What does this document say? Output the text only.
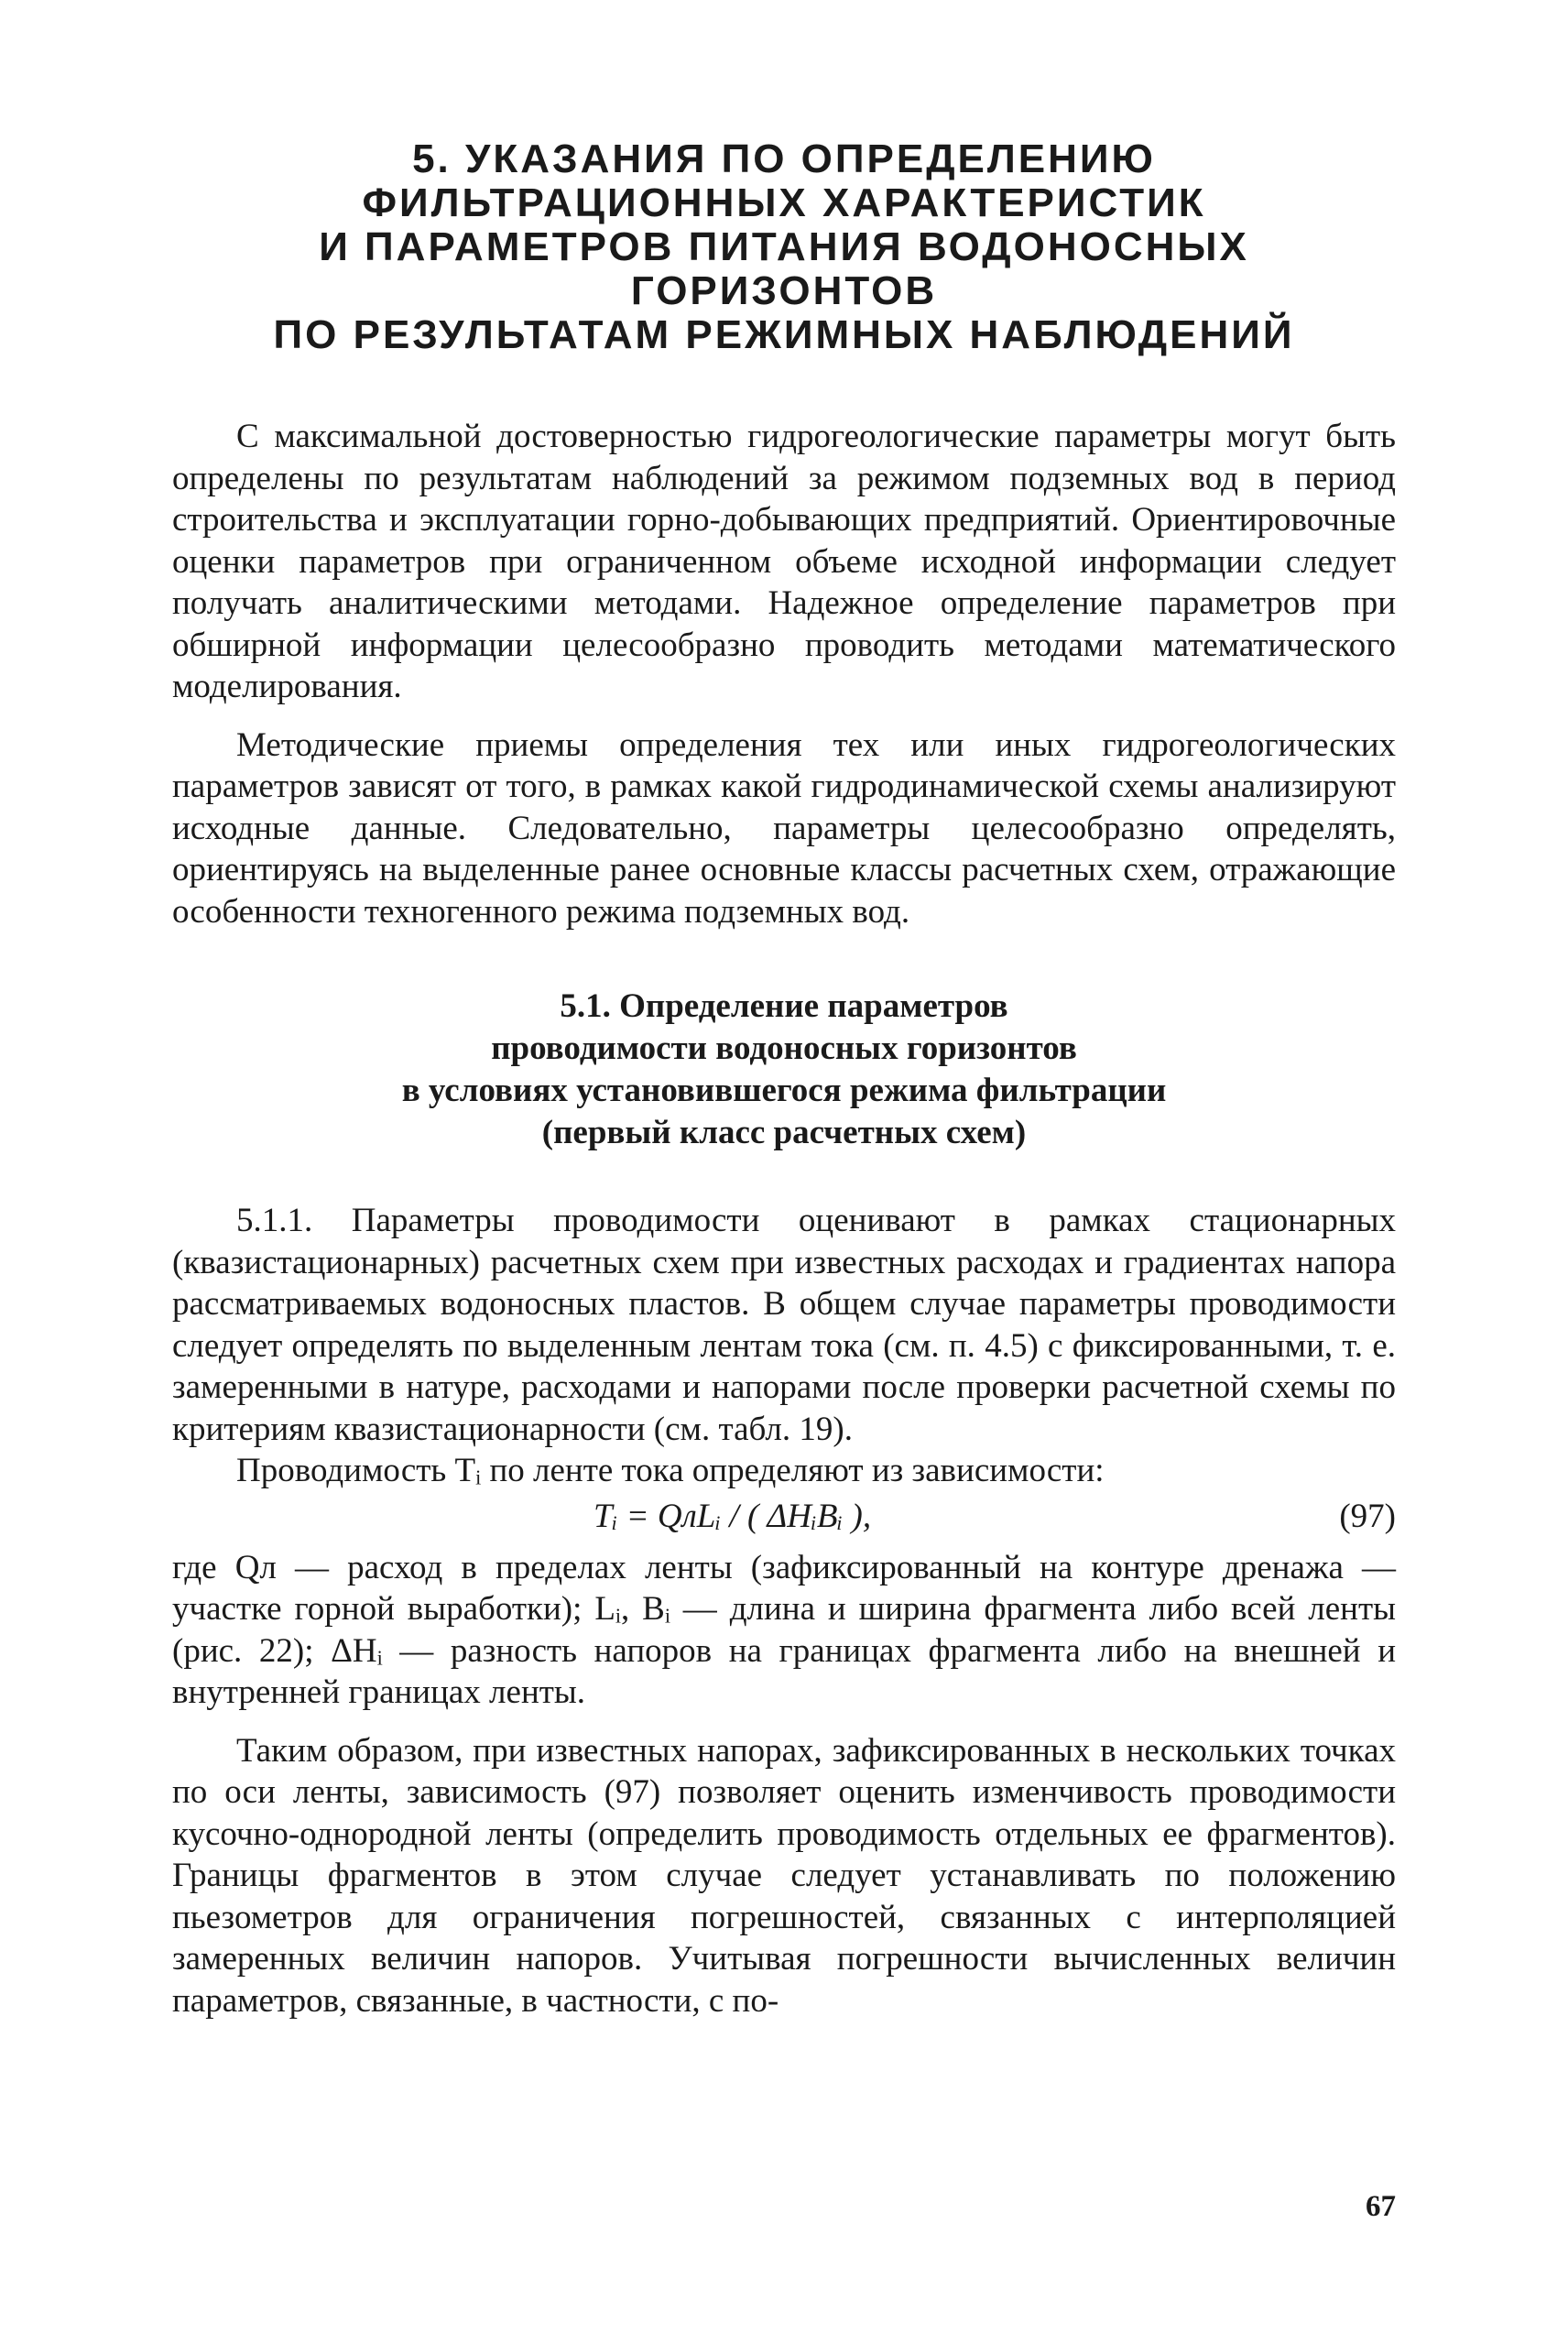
5. УКАЗАНИЯ ПО ОПРЕДЕЛЕНИЮ
ФИЛЬТРАЦИОННЫХ ХАРАКТЕРИСТИК
И ПАРАМЕТРОВ ПИТАНИЯ ВОДОНОСНЫХ ГОРИЗОНТОВ
ПО РЕЗУЛЬТАТАМ РЕЖИМНЫХ НАБЛЮДЕНИЙ

С максимальной достоверностью гидрогеологические параметры могут быть определены по результатам наблюдений за режимом подземных вод в период строительства и эксплуатации горно-добывающих предприятий. Ориентировочные оценки параметров при ограниченном объеме исходной информации следует получать аналитическими методами. Надежное определение параметров при обширной информации целесообразно проводить методами математического моделирования.

Методические приемы определения тех или иных гидрогеологических параметров зависят от того, в рамках какой гидродинамической схемы анализируют исходные данные. Следовательно, параметры целесообразно определять, ориентируясь на выделенные ранее основные классы расчетных схем, отражающие особенности техногенного режима подземных вод.

5.1. Определение параметров
проводимости водоносных горизонтов
в условиях установившегося режима фильтрации
(первый класс расчетных схем)

5.1.1. Параметры проводимости оценивают в рамках стационарных (квазистационарных) расчетных схем при известных расходах и градиентах напора рассматриваемых водоносных пластов. В общем случае параметры проводимости следует определять по выделенным лентам тока (см. п. 4.5) с фиксированными, т. е. замеренными в натуре, расходами и напорами после проверки расчетной схемы по критериям квазистационарности (см. табл. 19).

Проводимость Tᵢ по ленте тока определяют из зависимости:

Tᵢ = QлLᵢ / ( ΔHᵢBᵢ ),	(97)

где Qл — расход в пределах ленты (зафиксированный на контуре дренажа — участке горной выработки); Lᵢ, Bᵢ — длина и ширина фрагмента либо всей ленты (рис. 22); ΔHᵢ — разность напоров на границах фрагмента либо на внешней и внутренней границах ленты.

Таким образом, при известных напорах, зафиксированных в нескольких точках по оси ленты, зависимость (97) позволяет оценить изменчивость проводимости кусочно-однородной ленты (определить проводимость отдельных ее фрагментов). Границы фрагментов в этом случае следует устанавливать по положению пьезометров для ограничения погрешностей, связанных с интерполяцией замеренных величин напоров. Учитывая погрешности вычисленных величин параметров, связанные, в частности, с по-

67
